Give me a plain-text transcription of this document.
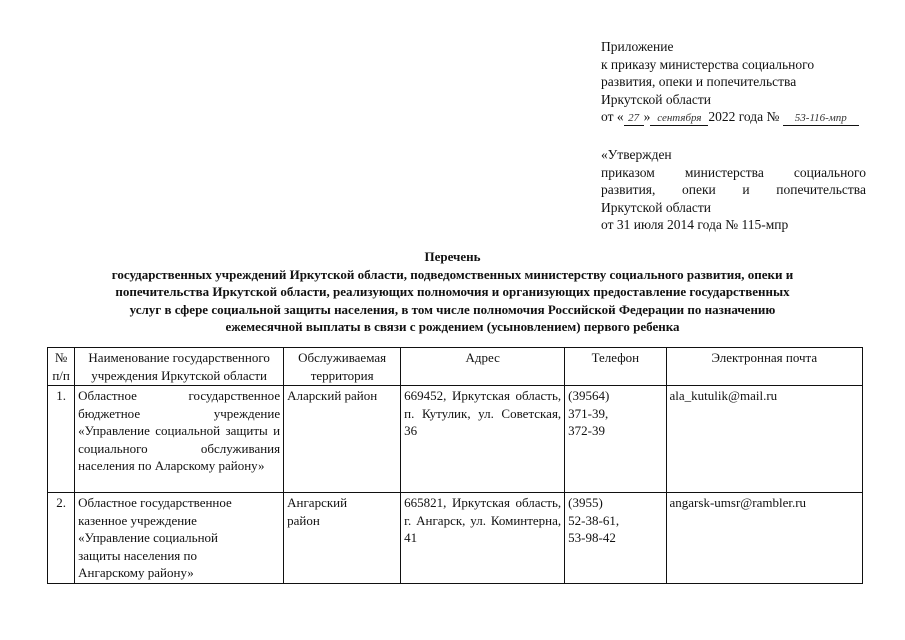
Приложение
к приказу министерства социального
развития, опеки и попечительства
Иркутской области
от « 27 » сентября 2022 года № 53-116-мпр
«Утвержден
приказом министерства социального
развития, опеки и попечительства
Иркутской области
от 31 июля 2014 года № 115-мпр
Перечень
государственных учреждений Иркутской области, подведомственных министерству социального развития, опеки и
попечительства Иркутской области, реализующих полномочия и организующих предоставление государственных
услуг в сфере социальной защиты населения, в том числе полномочия Российской Федерации по назначению
ежемесячной выплаты в связи с рождением (усыновлением) первого ребенка
№ п/п	Наименование государственного учреждения Иркутской области	Обслуживаемая территория	Адрес	Телефон	Электронная почта
1.	Областное государственное бюджетное учреждение «Управление социальной защиты и социального обслуживания населения по Аларскому району»	Аларский район	669452, Иркутская область, п. Кутулик, ул. Советская, 36	(39564)
371-39,
372-39	ala_kutulik@mail.ru
2.	Областное государственное
казенное учреждение
«Управление социальной
защиты населения по
Ангарскому району»	Ангарский
район	665821, Иркутская область, г. Ангарск, ул. Коминтерна, 41	(3955)
52-38-61,
53-98-42	angarsk-umsr@rambler.ru
